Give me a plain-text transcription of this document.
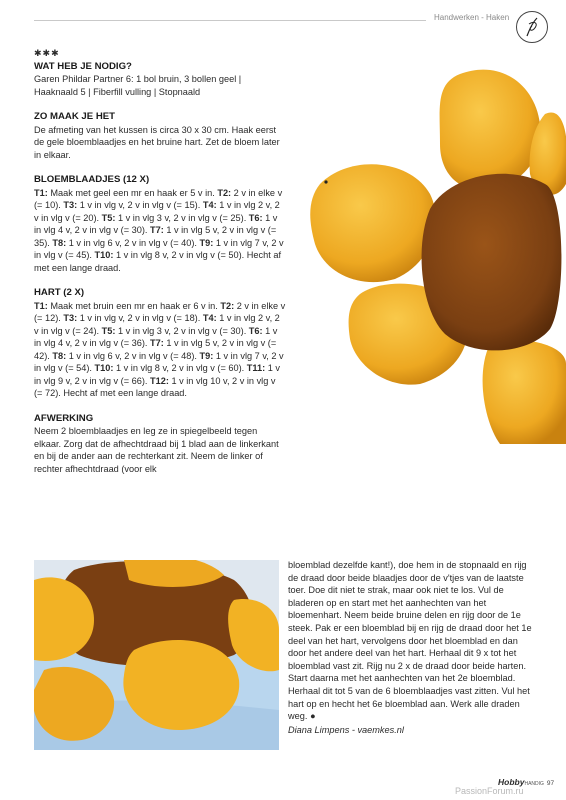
Handwerken - Haken
✱✱✱
WAT HEB JE NODIG?

Garen Phildar Partner 6: 1 bol bruin, 3 bollen geel | Haaknaald 5 | Fiberfill vulling | Stopnaald

ZO MAAK JE HET

De afmeting van het kussen is circa 30 x 30 cm. Haak eerst de gele bloemblaadjes en het bruine hart. Zet de bloem later in elkaar.

BLOEMBLAADJES (12 X)

T1: Maak met geel een mr en haak er 5 v in. T2: 2 v in elke v (= 10). T3: 1 v in vlg v, 2 v in vlg v (= 15). T4: 1 v in vlg 2 v, 2 v in vlg v (= 20). T5: 1 v in vlg 3 v, 2 v in vlg v (= 25). T6: 1 v in vlg 4 v, 2 v in vlg v (= 30). T7: 1 v in vlg 5 v, 2 v in vlg v (= 35). T8: 1 v in vlg 6 v, 2 v in vlg v (= 40). T9: 1 v in vlg 7 v, 2 v in vlg v (= 45). T10: 1 v in vlg 8 v, 2 v in vlg v (= 50). Hecht af met een lange draad.

HART (2 X)

T1: Maak met bruin een mr en haak er 6 v in. T2: 2 v in elke v (= 12). T3: 1 v in vlg v, 2 v in vlg v (= 18). T4: 1 v in vlg 2 v, 2 v in vlg v (= 24). T5: 1 v in vlg 3 v, 2 v in vlg v (= 30). T6: 1 v in vlg 4 v, 2 v in vlg v (= 36). T7: 1 v in vlg 5 v, 2 v in vlg v (= 42). T8: 1 v in vlg 6 v, 2 v in vlg v (= 48). T9: 1 v in vlg 7 v, 2 v in vlg v (= 54). T10: 1 v in vlg 8 v, 2 v in vlg v (= 60). T11: 1 v in vlg 9 v, 2 v in vlg v (= 66). T12: 1 v in vlg 10 v, 2 v in vlg v (= 72). Hecht af met een lange draad.

AFWERKING

Neem 2 bloemblaadjes en leg ze in spiegelbeeld tegen elkaar. Zorg dat de afhechtdraad bij 1 blad aan de linkerkant en bij de ander aan de rechterkant zit. Neem de linker of rechter afhechtdraad (voor elk

bloemblad dezelfde kant!), doe hem in de stopnaald en rijg de draad door beide blaadjes door de v'tjes van de laatste toer. Doe dit niet te strak, maar ook niet te los. Vul de bladeren op en start met het aanhechten van het bloemenhart. Neem beide bruine delen en rijg door de 1e steek. Pak er een bloemblad bij en rijg de draad door het 1e deel van het hart, vervolgens door het bloemblad en dan door het andere deel van het hart. Herhaal dit 9 x tot het bloemblad vast zit. Rijg nu 2 x de draad door beide harten. Start daarna met het aanhechten van het 2e bloemblad. Herhaal dit tot 5 van de 6 bloemblaadjes vast zitten. Vul het hart op en hecht het 6e bloemblad aan. Werk alle draden weg. ●

Diana Limpens - vaemkes.nl

HobbyHANDIG 97
PassionForum.ru
